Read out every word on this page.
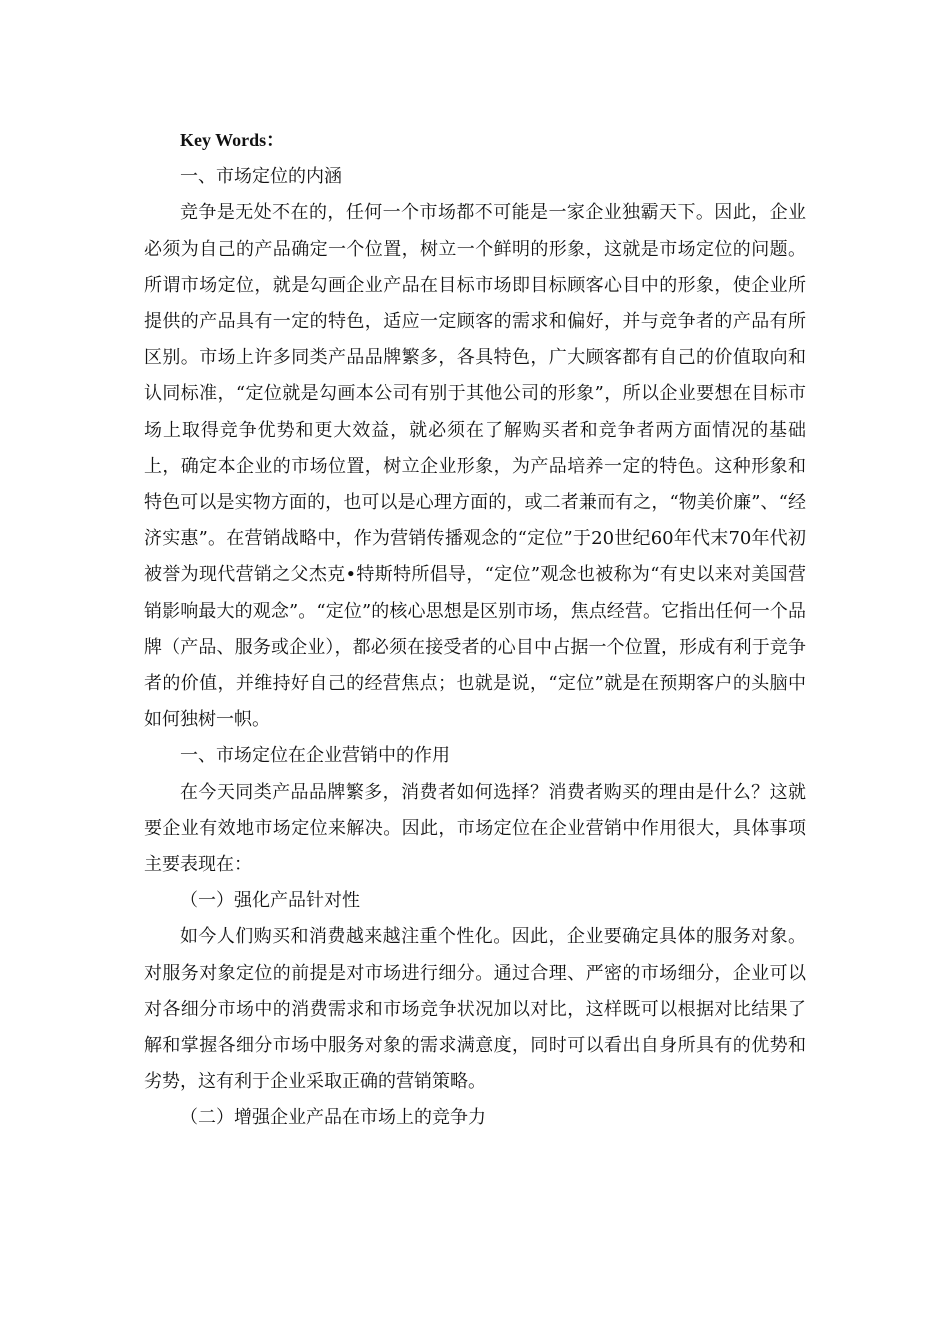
Key Words：

一、市场定位的内涵

竞争是无处不在的，任何一个市场都不可能是一家企业独霸天下。因此，企业必须为自己的产品确定一个位置，树立一个鲜明的形象，这就是市场定位的问题。所谓市场定位，就是勾画企业产品在目标市场即目标顾客心目中的形象，使企业所提供的产品具有一定的特色，适应一定顾客的需求和偏好，并与竞争者的产品有所区别。市场上许多同类产品品牌繁多，各具特色，广大顾客都有自己的价值取向和认同标准，“定位就是勾画本公司有别于其他公司的形象”，所以企业要想在目标市场上取得竞争优势和更大效益，就必须在了解购买者和竞争者两方面情况的基础上，确定本企业的市场位置，树立企业形象，为产品培养一定的特色。这种形象和特色可以是实物方面的，也可以是心理方面的，或二者兼而有之，“物美价廉”、“经济实惠”。在营销战略中，作为营销传播观念的“定位”于20世纪60年代末70年代初被誉为现代营销之父杰克•特斯特所倡导，“定位”观念也被称为“有史以来对美国营销影响最大的观念”。“定位”的核心思想是区别市场，焦点经营。它指出任何一个品牌（产品、服务或企业），都必须在接受者的心目中占据一个位置，形成有利于竞争者的价值，并维持好自己的经营焦点；也就是说，“定位”就是在预期客户的头脑中如何独树一帜。

一、市场定位在企业营销中的作用

在今天同类产品品牌繁多，消费者如何选择？消费者购买的理由是什么？这就要企业有效地市场定位来解决。因此，市场定位在企业营销中作用很大，具体事项主要表现在：

（一）强化产品针对性

如今人们购买和消费越来越注重个性化。因此，企业要确定具体的服务对象。对服务对象定位的前提是对市场进行细分。通过合理、严密的市场细分，企业可以对各细分市场中的消费需求和市场竞争状况加以对比，这样既可以根据对比结果了解和掌握各细分市场中服务对象的需求满意度，同时可以看出自身所具有的优势和劣势，这有利于企业采取正确的营销策略。

（二）增强企业产品在市场上的竞争力
